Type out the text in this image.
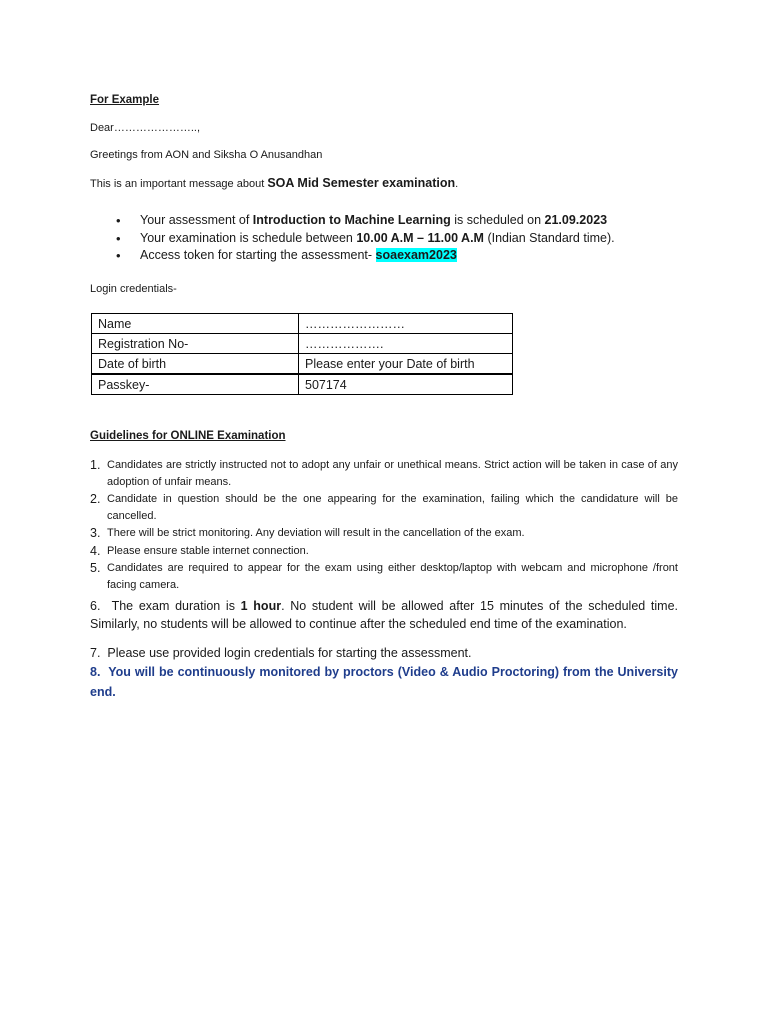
For Example
Dear…………………..,
Greetings from AON and Siksha O Anusandhan
This is an important message about SOA Mid Semester examination.
• Your assessment of Introduction to Machine Learning is scheduled on 21.09.2023
• Your examination is schedule between 10.00 A.M – 11.00 A.M (Indian Standard time).
• Access token for starting the assessment- soaexam2023
Login credentials-
Name	……………………
Registration No-	……………….
Date of birth	Please enter your Date of birth
Passkey-	507174
Guidelines for ONLINE Examination
1. Candidates are strictly instructed not to adopt any unfair or unethical means. Strict action will be taken in case of any adoption of unfair means.
2. Candidate in question should be the one appearing for the examination, failing which the candidature will be cancelled.
3. There will be strict monitoring. Any deviation will result in the cancellation of the exam.
4. Please ensure stable internet connection.
5. Candidates are required to appear for the exam using either desktop/laptop with webcam and microphone /front facing camera.
6. The exam duration is 1 hour. No student will be allowed after 15 minutes of the scheduled time. Similarly, no students will be allowed to continue after the scheduled end time of the examination.
7. Please use provided login credentials for starting the assessment.
8. You will be continuously monitored by proctors (Video & Audio Proctoring) from the University end.
